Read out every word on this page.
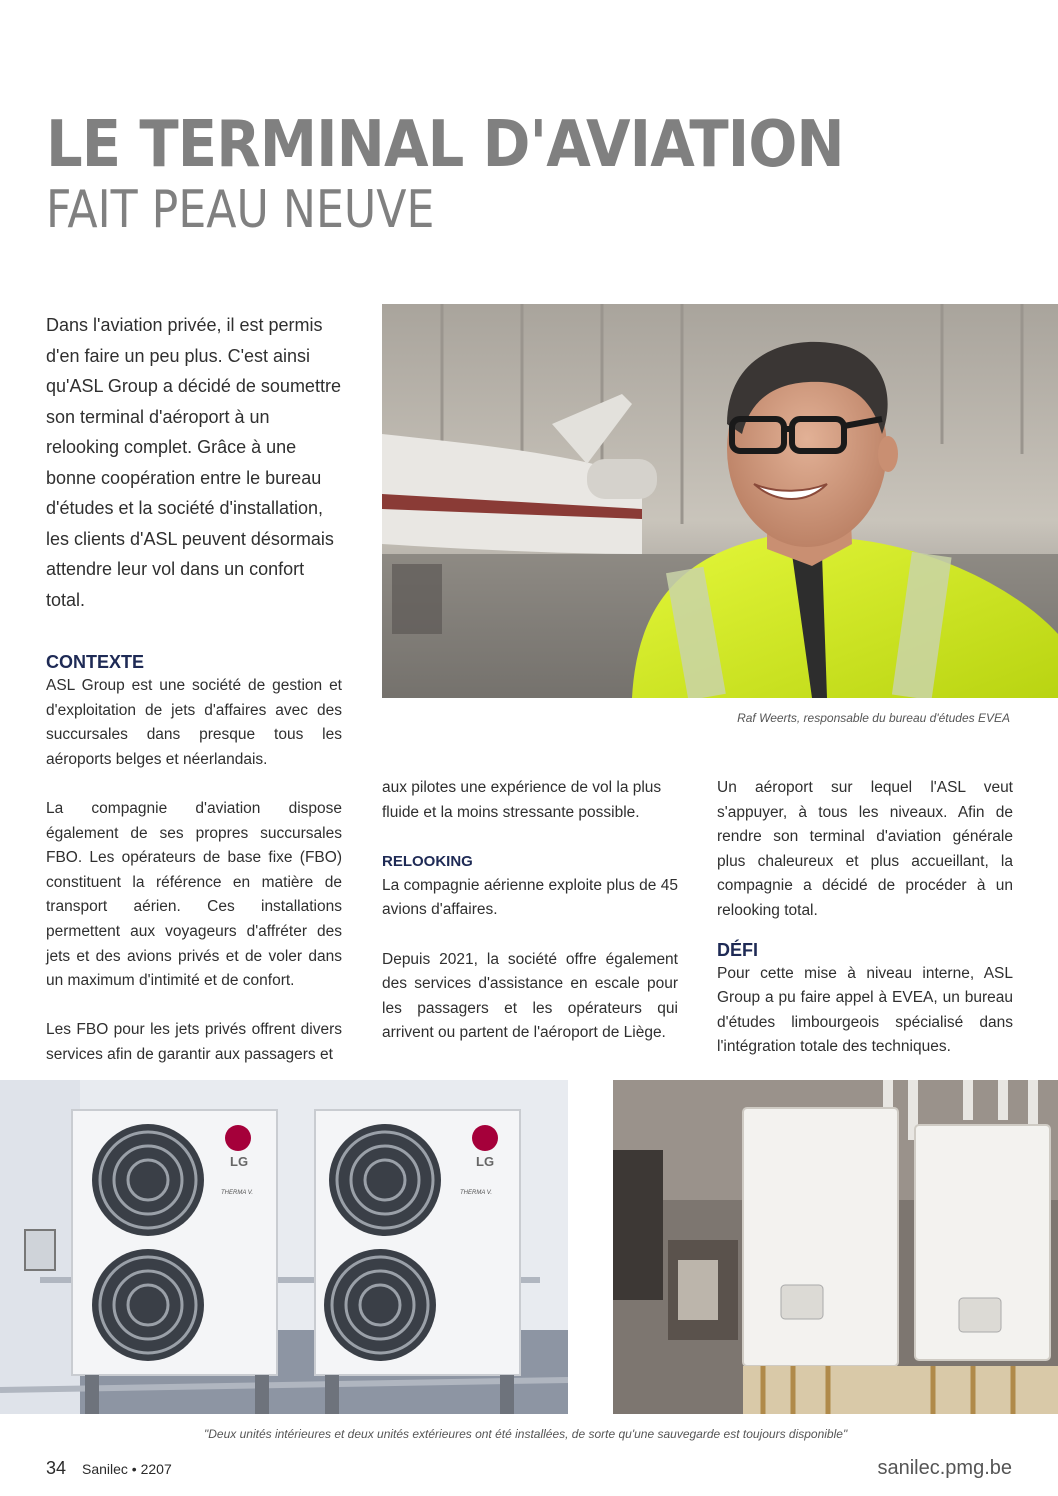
LE TERMINAL D'AVIATION
FAIT PEAU NEUVE
Dans l'aviation privée, il est permis d'en faire un peu plus. C'est ainsi qu'ASL Group a décidé de soumettre son terminal d'aéroport à un relooking complet. Grâce à une bonne coopération entre le bureau d'études et la société d'installation, les clients d'ASL peuvent désormais attendre leur vol dans un confort total.
Raf Weerts, responsable du bureau d'études EVEA
CONTEXTE

ASL Group est une société de gestion et d'exploitation de jets d'affaires avec des succursales dans presque tous les aéroports belges et néerlandais.

La compagnie d'aviation dispose également de ses propres succursales FBO. Les opérateurs de base fixe (FBO) constituent la référence en matière de transport aérien. Ces installations permettent aux voyageurs d'affréter des jets et des avions privés et de voler dans un maximum d'intimité et de confort.

Les FBO pour les jets privés offrent divers services afin de garantir aux passagers et

aux pilotes une expérience de vol la plus fluide et la moins stressante possible.

RELOOKING

La compagnie aérienne exploite plus de 45 avions d'affaires.

Depuis 2021, la société offre également des services d'assistance en escale pour les passagers et les opérateurs qui arrivent ou partent de l'aéroport de Liège.

Un aéroport sur lequel l'ASL veut s'appuyer, à tous les niveaux. Afin de rendre son terminal d'aviation générale plus chaleureux et plus accueillant, la compagnie a décidé de procéder à un relooking total.

DÉFI

Pour cette mise à niveau interne, ASL Group a pu faire appel à EVEA, un bureau d'études limbourgeois spécialisé dans l'intégration totale des techniques.

LG
THERMA V.
LG
THERMA V.
"Deux unités intérieures et deux unités extérieures ont été installées, de sorte qu'une sauvegarde est toujours disponible"
34 Sanilec • 2207	sanilec.pmg.be
